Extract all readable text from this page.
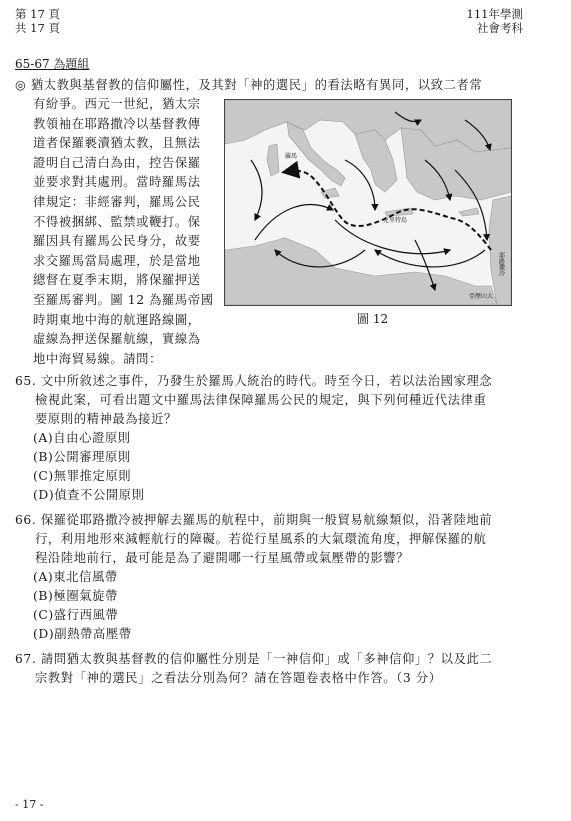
第 17 頁
共 17 頁
111年學測
社會考科
65-67 為題組
◎ 猶太教與基督教的信仰屬性，及其對「神的選民」的看法略有異同，以致二者常
有紛爭。西元一世紀，猶太宗
教領袖在耶路撒冷以基督教傳
道者保羅褻瀆猶太教，且無法
證明自己清白為由，控告保羅
並要求對其處刑。當時羅馬法
律規定：非經審判，羅馬公民
不得被捆綁、監禁或鞭打。保
羅因具有羅馬公民身分，故要
求交羅馬當局處理，於是當地
總督在夏季末期，將保羅押送
至羅馬審判。圖 12 為羅馬帝國
時期東地中海的航運路線圖，
虛線為押送保羅航線，實線為
地中海貿易線。請問：
羅馬
克里特島
耶路撒冷
亞歷山大
圖 12
65. 文中所敘述之事件，乃發生於羅馬人統治的時代。時至今日，若以法治國家理念
檢視此案，可看出題文中羅馬法律保障羅馬公民的規定，與下列何種近代法律重
要原則的精神最為接近？
(A)自由心證原則
(B)公開審理原則
(C)無罪推定原則
(D)偵查不公開原則
66. 保羅從耶路撒冷被押解去羅馬的航程中，前期與一般貿易航線類似，沿著陸地前
行，利用地形來減輕航行的障礙。若從行星風系的大氣環流角度，押解保羅的航
程沿陸地前行，最可能是為了避開哪一行星風帶或氣壓帶的影響？
(A)東北信風帶
(B)極圈氣旋帶
(C)盛行西風帶
(D)副熱帶高壓帶
67. 請問猶太教與基督教的信仰屬性分別是「一神信仰」或「多神信仰」？以及此二
宗教對「神的選民」之看法分別為何？請在答題卷表格中作答。（3 分）
- 17 -
